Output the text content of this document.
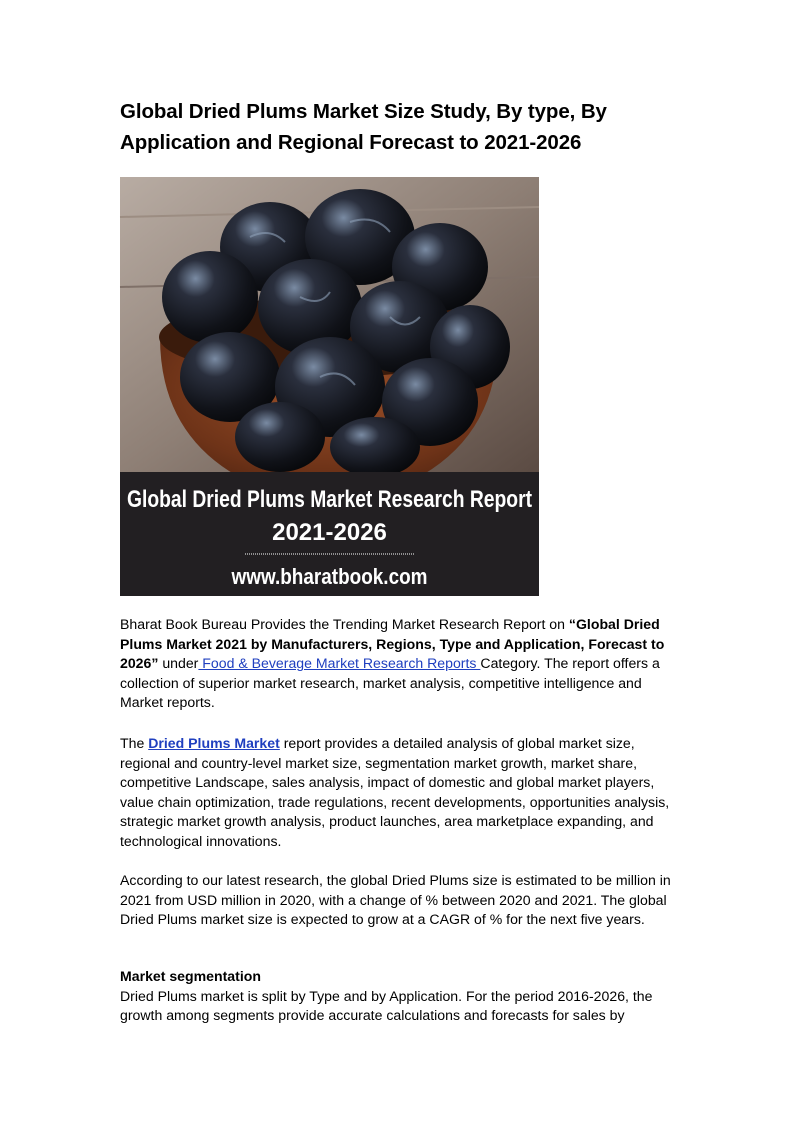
Global Dried Plums Market Size Study, By type, By
Application and Regional Forecast to 2021-2026
Global Dried Plums Market Research Report
2021-2026
www.bharatbook.com

Bharat Book Bureau Provides the Trending Market Research Report on “Global Dried Plums Market 2021 by Manufacturers, Regions, Type and Application, Forecast to 2026” under Food & Beverage Market Research Reports Category. The report offers a collection of superior market research, market analysis, competitive intelligence and Market reports.

The Dried Plums Market report provides a detailed analysis of global market size, regional and country-level market size, segmentation market growth, market share, competitive Landscape, sales analysis, impact of domestic and global market players, value chain optimization, trade regulations, recent developments, opportunities analysis, strategic market growth analysis, product launches, area marketplace expanding, and technological innovations.

According to our latest research, the global Dried Plums size is estimated to be million in 2021 from USD million in 2020, with a change of % between 2020 and 2021. The global Dried Plums market size is expected to grow at a CAGR of % for the next five years.

Market segmentation
Dried Plums market is split by Type and by Application. For the period 2016-2026, the growth among segments provide accurate calculations and forecasts for sales by
